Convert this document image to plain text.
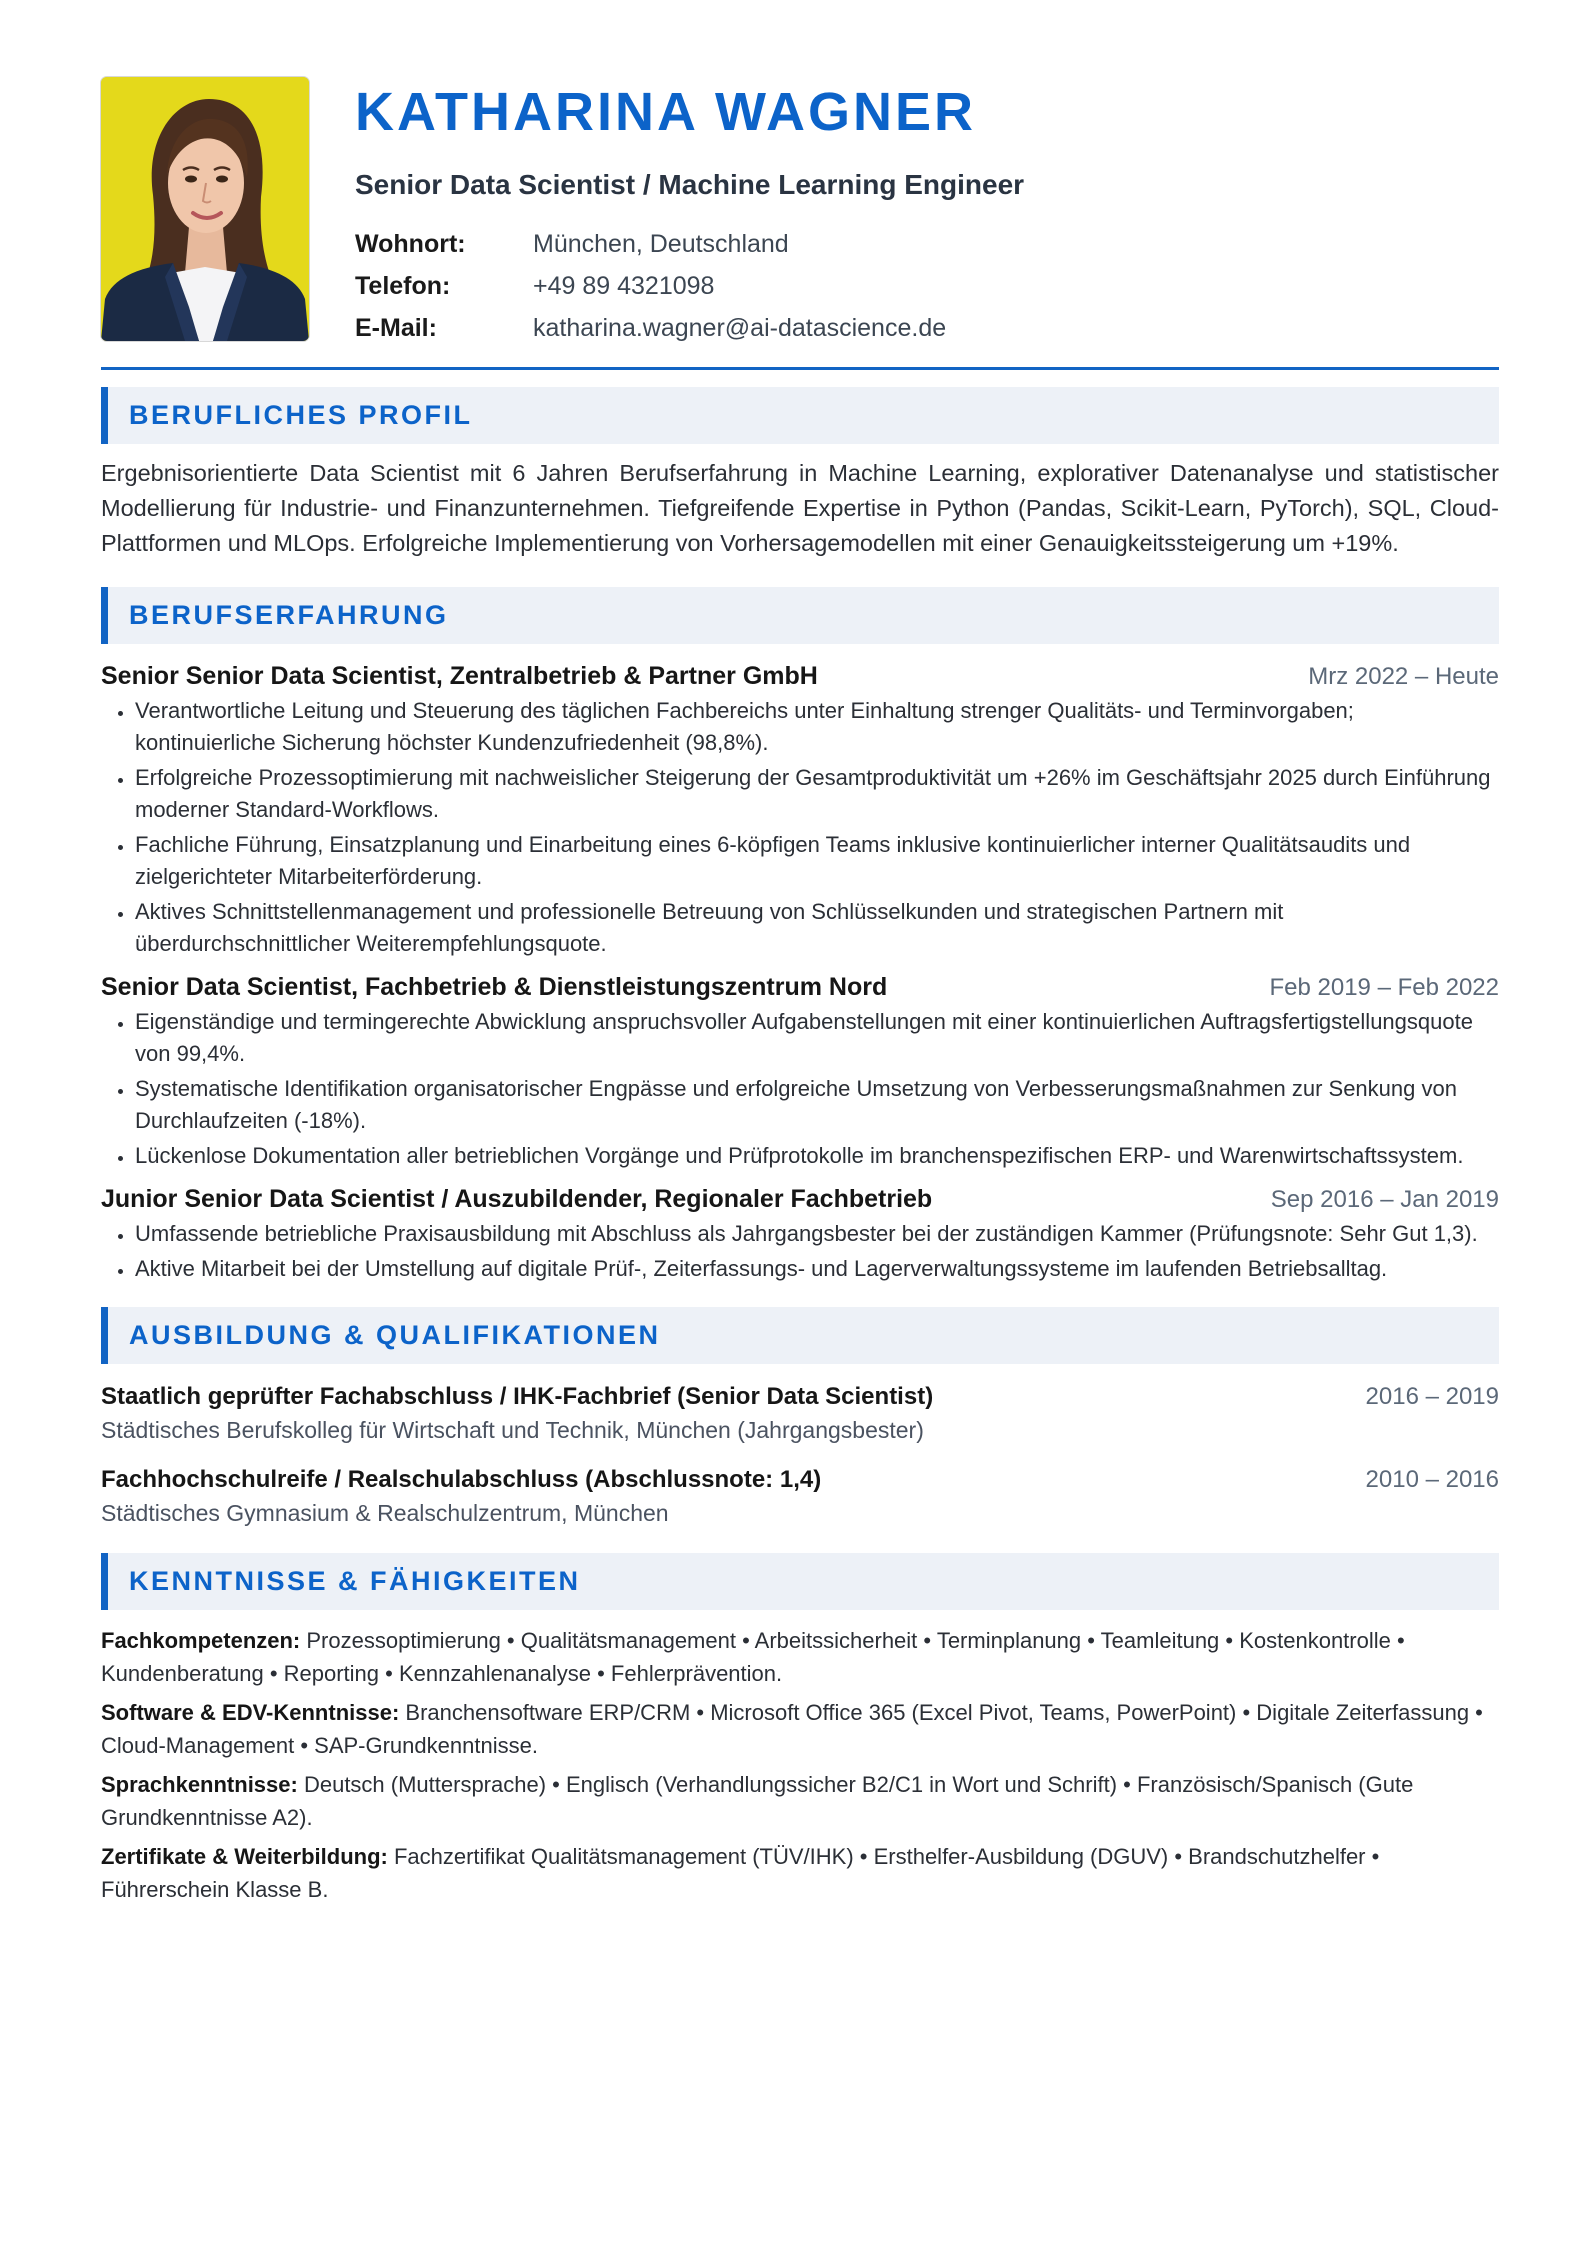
KATHARINA WAGNER
Senior Data Scientist / Machine Learning Engineer
Wohnort:	München, Deutschland
Telefon:	+49 89 4321098
E-Mail:	katharina.wagner@ai-datascience.de
BERUFLICHES PROFIL

Ergebnisorientierte Data Scientist mit 6 Jahren Berufserfahrung in Machine Learning, explorativer Datenanalyse und statistischer Modellierung für Industrie- und Finanzunternehmen. Tiefgreifende Expertise in Python (Pandas, Scikit-Learn, PyTorch), SQL, Cloud-Plattformen und MLOps. Erfolgreiche Implementierung von Vorhersagemodellen mit einer Genauigkeitssteigerung um +19%.

BERUFSERFAHRUNG
Senior Senior Data Scientist, Zentralbetrieb & Partner GmbH	Mrz 2022 – Heute
• Verantwortliche Leitung und Steuerung des täglichen Fachbereichs unter Einhaltung strenger Qualitäts- und Terminvorgaben; kontinuierliche Sicherung höchster Kundenzufriedenheit (98,8%).
• Erfolgreiche Prozessoptimierung mit nachweislicher Steigerung der Gesamtproduktivität um +26% im Geschäftsjahr 2025 durch Einführung moderner Standard-Workflows.
• Fachliche Führung, Einsatzplanung und Einarbeitung eines 6-köpfigen Teams inklusive kontinuierlicher interner Qualitätsaudits und zielgerichteter Mitarbeiterförderung.
• Aktives Schnittstellenmanagement und professionelle Betreuung von Schlüsselkunden und strategischen Partnern mit überdurchschnittlicher Weiterempfehlungsquote.
Senior Data Scientist, Fachbetrieb & Dienstleistungszentrum Nord	Feb 2019 – Feb 2022
• Eigenständige und termingerechte Abwicklung anspruchsvoller Aufgabenstellungen mit einer kontinuierlichen Auftragsfertigstellungsquote von 99,4%.
• Systematische Identifikation organisatorischer Engpässe und erfolgreiche Umsetzung von Verbesserungsmaßnahmen zur Senkung von Durchlaufzeiten (-18%).
• Lückenlose Dokumentation aller betrieblichen Vorgänge und Prüfprotokolle im branchenspezifischen ERP- und Warenwirtschaftssystem.
Junior Senior Data Scientist / Auszubildender, Regionaler Fachbetrieb	Sep 2016 – Jan 2019
• Umfassende betriebliche Praxisausbildung mit Abschluss als Jahrgangsbester bei der zuständigen Kammer (Prüfungsnote: Sehr Gut 1,3).
• Aktive Mitarbeit bei der Umstellung auf digitale Prüf-, Zeiterfassungs- und Lagerverwaltungssysteme im laufenden Betriebsalltag.
AUSBILDUNG & QUALIFIKATIONEN
Staatlich geprüfter Fachabschluss / IHK-Fachbrief (Senior Data Scientist)	2016 – 2019
Städtisches Berufskolleg für Wirtschaft und Technik, München (Jahrgangsbester)
Fachhochschulreife / Realschulabschluss (Abschlussnote: 1,4)	2010 – 2016
Städtisches Gymnasium & Realschulzentrum, München
KENNTNISSE & FÄHIGKEITEN

Fachkompetenzen: Prozessoptimierung • Qualitätsmanagement • Arbeitssicherheit • Terminplanung • Teamleitung • Kostenkontrolle • Kundenberatung • Reporting • Kennzahlenanalyse • Fehlerprävention.

Software & EDV-Kenntnisse: Branchensoftware ERP/CRM • Microsoft Office 365 (Excel Pivot, Teams, PowerPoint) • Digitale Zeiterfassung • Cloud-Management • SAP-Grundkenntnisse.

Sprachkenntnisse: Deutsch (Muttersprache) • Englisch (Verhandlungssicher B2/C1 in Wort und Schrift) • Französisch/Spanisch (Gute Grundkenntnisse A2).

Zertifikate & Weiterbildung: Fachzertifikat Qualitätsmanagement (TÜV/IHK) • Ersthelfer-Ausbildung (DGUV) • Brandschutzhelfer • Führerschein Klasse B.
